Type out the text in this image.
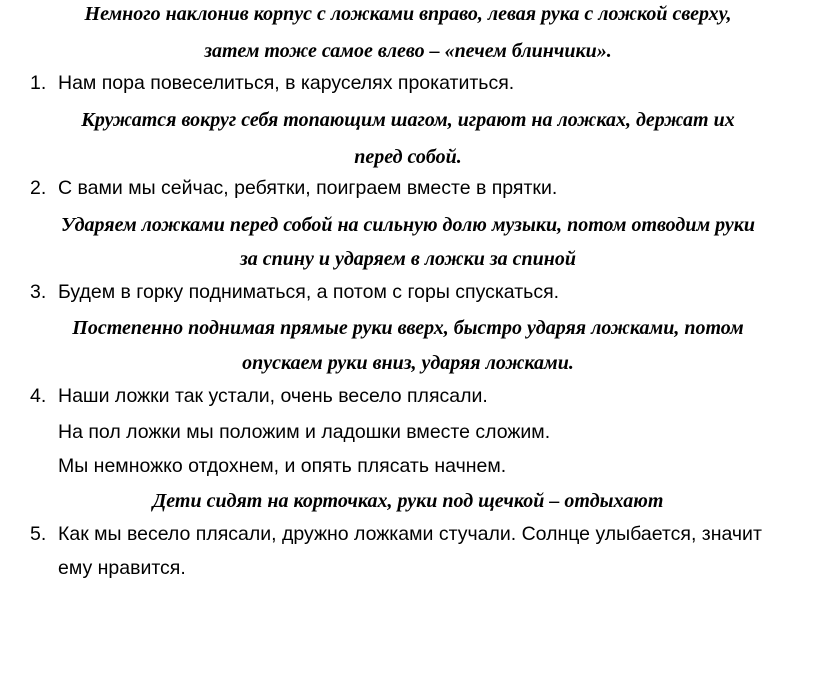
Немного наклонив корпус с ложками вправо, левая рука с ложкой сверху,
затем тоже самое влево – «печем блинчики».
1. Нам пора повеселиться, в каруселях прокатиться.
Кружатся вокруг себя топающим шагом, играют на ложках, держат их
перед собой.
2. С вами мы сейчас, ребятки, поиграем вместе в прятки.
Ударяем ложками перед собой на сильную долю музыки, потом отводим руки
за спину и ударяем в ложки за спиной
3. Будем в горку подниматься, а потом с горы спускаться.
Постепенно поднимая прямые руки вверх, быстро ударяя ложками, потом
опускаем руки вниз, ударяя ложками.
4. Наши ложки так устали, очень весело плясали.
На пол ложки мы положим и ладошки вместе сложим.
Мы немножко отдохнем, и опять плясать начнем.
Дети сидят на корточках, руки под щечкой – отдыхают
5. Как мы весело плясали, дружно ложками стучали. Солнце улыбается, значит
ему нравится.
